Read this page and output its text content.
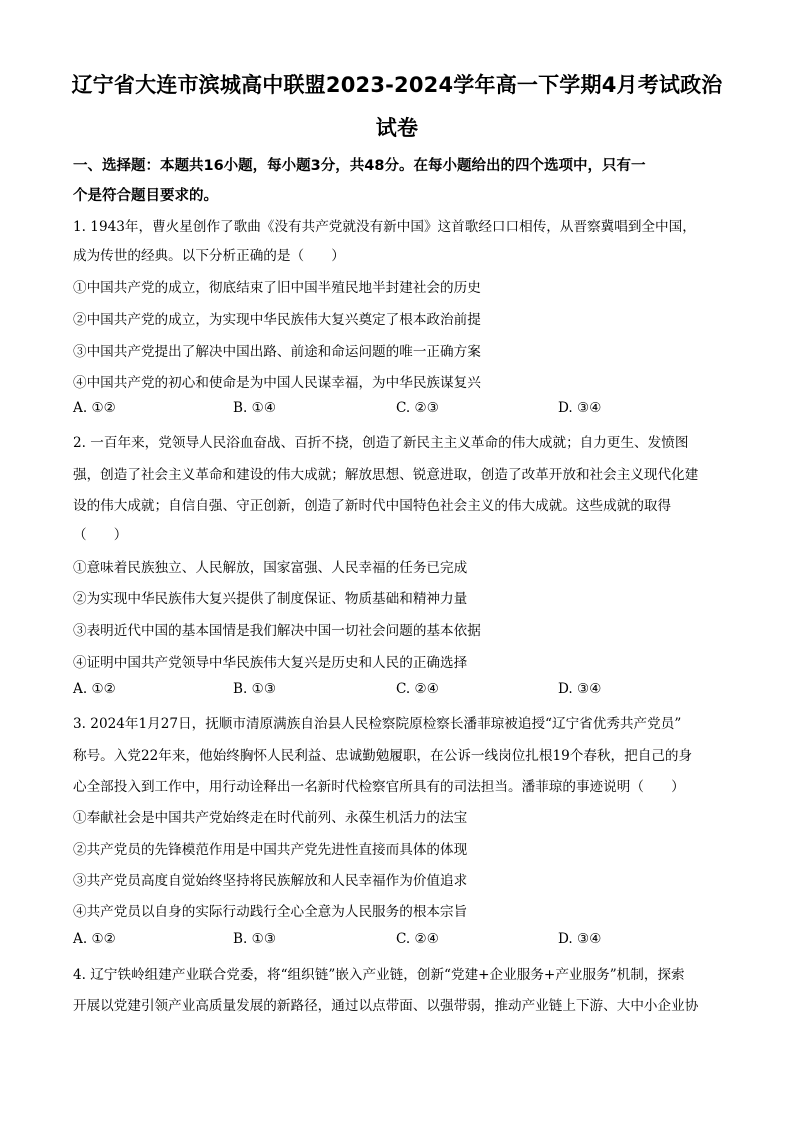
辽宁省大连市滨城高中联盟2023-2024学年高一下学期4月考试政治
试卷
一、选择题：本题共16小题，每小题3分，共48分。在每小题给出的四个选项中，只有一
个是符合题目要求的。
1. 1943年，曹火星创作了歌曲《没有共产党就没有新中国》这首歌经口口相传，从晋察冀唱到全中国，
成为传世的经典。以下分析正确的是（　　）
①中国共产党的成立，彻底结束了旧中国半殖民地半封建社会的历史
②中国共产党的成立，为实现中华民族伟大复兴奠定了根本政治前提
③中国共产党提出了解决中国出路、前途和命运问题的唯一正确方案
④中国共产党的初心和使命是为中国人民谋幸福，为中华民族谋复兴
A. ①②	B. ①④	C. ②③	D. ③④
2. 一百年来，党领导人民浴血奋战、百折不挠，创造了新民主主义革命的伟大成就；自力更生、发愤图
强，创造了社会主义革命和建设的伟大成就；解放思想、锐意进取，创造了改革开放和社会主义现代化建
设的伟大成就；自信自强、守正创新，创造了新时代中国特色社会主义的伟大成就。这些成就的取得
（　　）
①意味着民族独立、人民解放，国家富强、人民幸福的任务已完成
②为实现中华民族伟大复兴提供了制度保证、物质基础和精神力量
③表明近代中国的基本国情是我们解决中国一切社会问题的基本依据
④证明中国共产党领导中华民族伟大复兴是历史和人民的正确选择
A. ①②	B. ①③	C. ②④	D. ③④
3. 2024年1月27日，抚顺市清原满族自治县人民检察院原检察长潘菲琼被追授“辽宁省优秀共产党员”
称号。入党22年来，他始终胸怀人民利益、忠诚勤勉履职，在公诉一线岗位扎根19个春秋，把自己的身
心全部投入到工作中，用行动诠释出一名新时代检察官所具有的司法担当。潘菲琼的事迹说明（　　）
①奉献社会是中国共产党始终走在时代前列、永葆生机活力的法宝
②共产党员的先锋模范作用是中国共产党先进性直接而具体的体现
③共产党员高度自觉始终坚持将民族解放和人民幸福作为价值追求
④共产党员以自身的实际行动践行全心全意为人民服务的根本宗旨
A. ①②	B. ①③	C. ②④	D. ③④
4. 辽宁铁岭组建产业联合党委，将“组织链”嵌入产业链，创新“党建+企业服务+产业服务”机制，探索
开展以党建引领产业高质量发展的新路径，通过以点带面、以强带弱，推动产业链上下游、大中小企业协
